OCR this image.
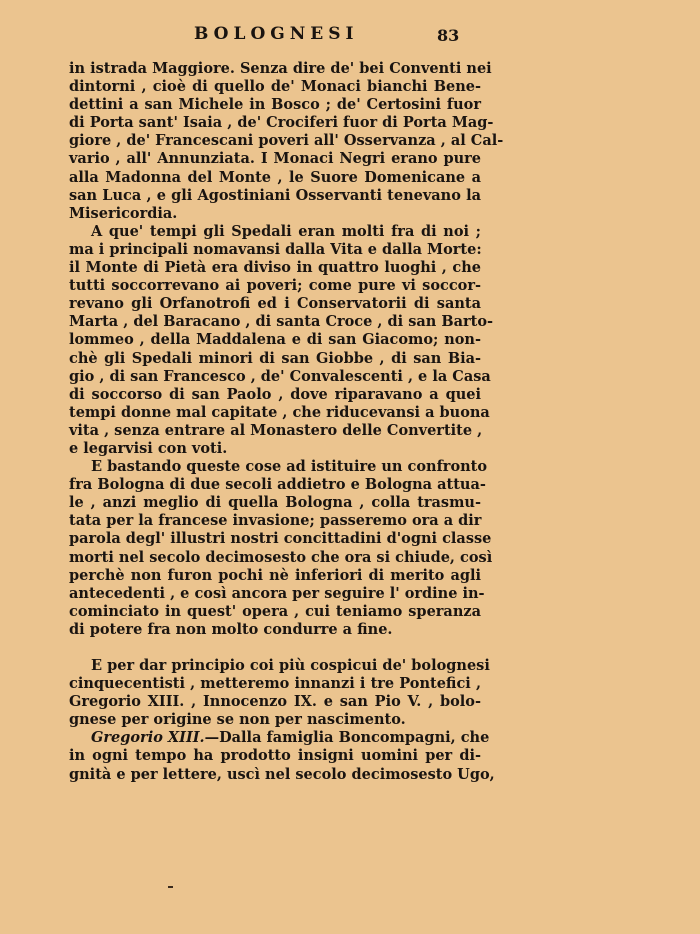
BOLOGNESI	83
in istrada Maggiore. Senza dire de' bei Conventi nei
dintorni , cioè di quello de' Monaci bianchi Bene-
dettini a san Michele in Bosco ; de' Certosini fuor
di Porta sant' Isaia , de' Crociferi fuor di Porta Mag-
giore , de' Francescani poveri all' Osservanza , al Cal-
vario , all' Annunziata. I Monaci Negri erano pure
alla Madonna del Monte , le Suore Domenicane a
san Luca , e gli Agostiniani Osservanti tenevano la
Misericordia.
A que' tempi gli Spedali eran molti fra di noi ;
ma i principali nomavansi dalla Vita e dalla Morte:
il Monte di Pietà era diviso in quattro luoghi , che
tutti soccorrevano ai poveri; come pure vi soccor-
revano gli Orfanotrofi ed i Conservatorii di santa
Marta , del Baracano , di santa Croce , di san Barto-
lommeo , della Maddalena e di san Giacomo; non-
chè gli Spedali minori di san Giobbe , di san Bia-
gio , di san Francesco , de' Convalescenti , e la Casa
di soccorso di san Paolo , dove riparavano a quei
tempi donne mal capitate , che riducevansi a buona
vita , senza entrare al Monastero delle Convertite ,
e legarvisi con voti.
E bastando queste cose ad istituire un confronto
fra Bologna di due secoli addietro e Bologna attua-
le , anzi meglio di quella Bologna , colla trasmu-
tata per la francese invasione; passeremo ora a dir
parola degl' illustri nostri concittadini d'ogni classe
morti nel secolo decimosesto che ora si chiude, così
perchè non furon pochi nè inferiori di merito agli
antecedenti , e così ancora per seguire l' ordine in-
cominciato in quest' opera , cui teniamo speranza
di potere fra non molto condurre a fine.
E per dar principio coi più cospicui de' bolognesi
cinquecentisti , metteremo innanzi i tre Pontefici ,
Gregorio XIII. , Innocenzo IX. e san Pio V. , bolo-
gnese per origine se non per nascimento.
Gregorio XIII.—Dalla famiglia Boncompagni, che
in ogni tempo ha prodotto insigni uomini per di-
gnità e per lettere, uscì nel secolo decimosesto Ugo,
